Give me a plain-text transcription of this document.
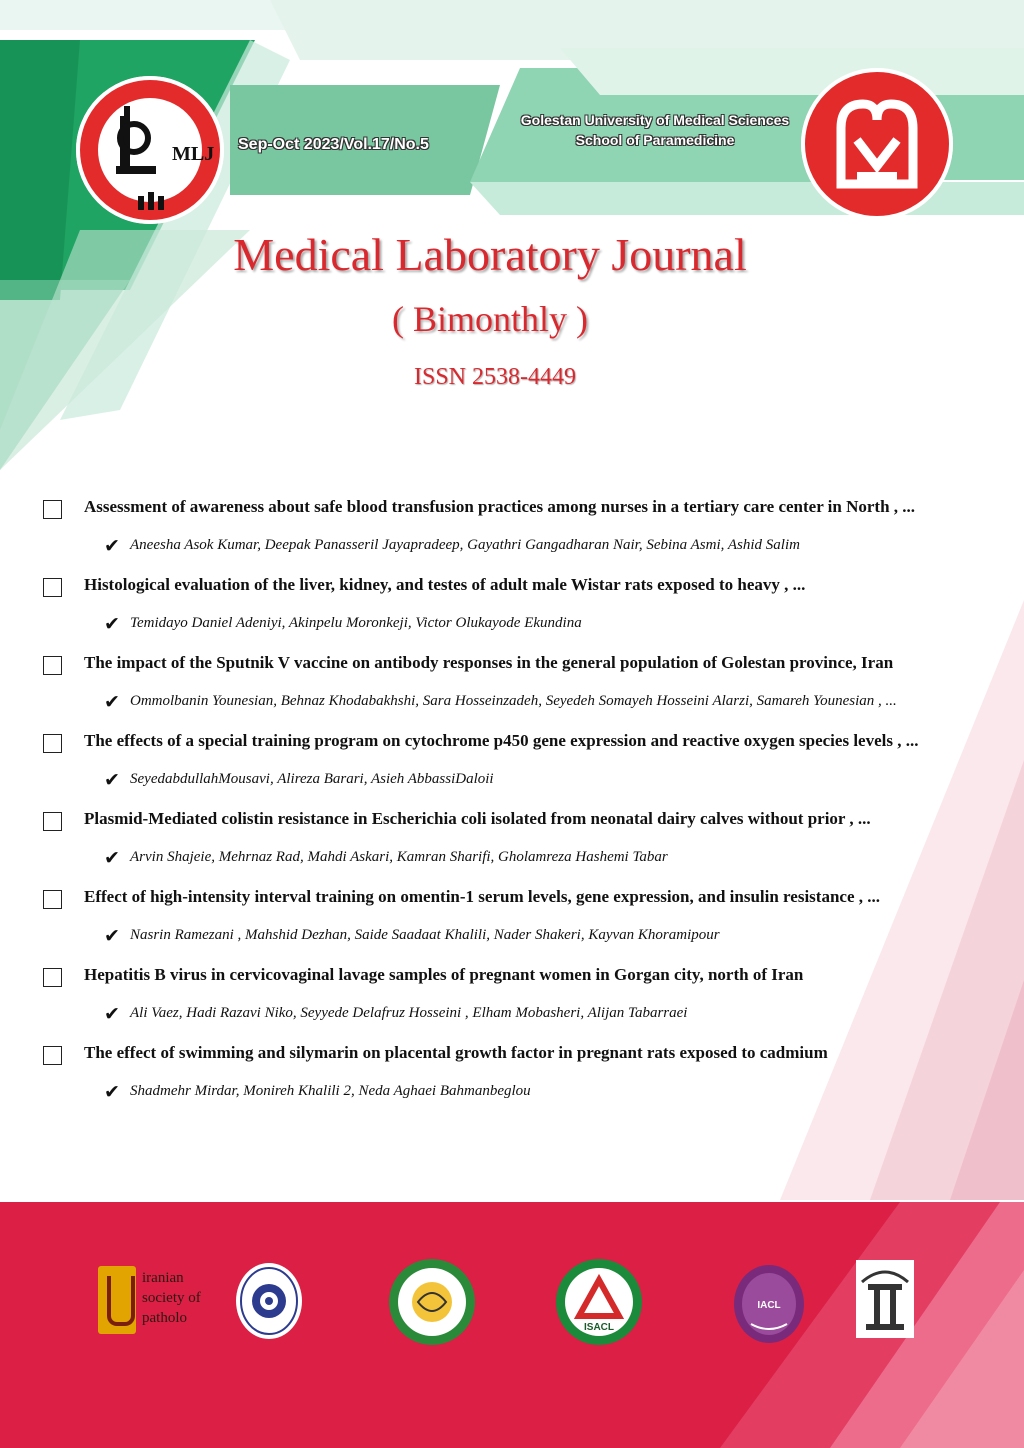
MLJ Sep-Oct 2023/Vol.17/No.5
Golestan University of Medical Sciences
School of Paramedicine
Medical Laboratory Journal
( Bimonthly )
ISSN 2538-4449
Assessment of awareness about safe blood transfusion practices among nurses in a tertiary care center in North , ...
✔ Aneesha Asok Kumar, Deepak Panasseril Jayapradeep, Gayathri Gangadharan Nair, Sebina Asmi, Ashid Salim
Histological evaluation of the liver, kidney, and testes of adult male Wistar rats exposed to heavy , ...
✔ Temidayo Daniel Adeniyi, Akinpelu Moronkeji, Victor Olukayode Ekundina
The impact of the Sputnik V vaccine on antibody responses in the general population of Golestan province, Iran
✔ Ommolbanin Younesian, Behnaz Khodabakhshi, Sara Hosseinzadeh, Seyedeh Somayeh Hosseini Alarzi, Samareh Younesian , ...
The effects of a special training program on cytochrome p450 gene expression and reactive oxygen species levels , ...
✔ SeyedabdullahMousavi, Alireza Barari, Asieh AbbassiDaloii
Plasmid-Mediated colistin resistance in Escherichia coli isolated from neonatal dairy calves without prior , ...
✔ Arvin Shajeie, Mehrnaz Rad, Mahdi Askari, Kamran Sharifi, Gholamreza Hashemi Tabar
Effect of high-intensity interval training on omentin-1 serum levels, gene expression, and insulin resistance , ...
✔ Nasrin Ramezani , Mahshid Dezhan, Saide Saadaat Khalili, Nader Shakeri, Kayvan Khoramipour
Hepatitis B virus in cervicovaginal lavage samples of pregnant women in Gorgan city, north of Iran
✔ Ali Vaez, Hadi Razavi Niko, Seyyede Delafruz Hosseini , Elham Mobasheri, Alijan Tabarraei
The effect of swimming and silymarin on placental growth factor in pregnant rats exposed to cadmium
✔ Shadmehr Mirdar, Monireh Khalili 2, Neda Aghaei Bahmanbeglou
iranian
society of
patholo
ISACL
IACL
